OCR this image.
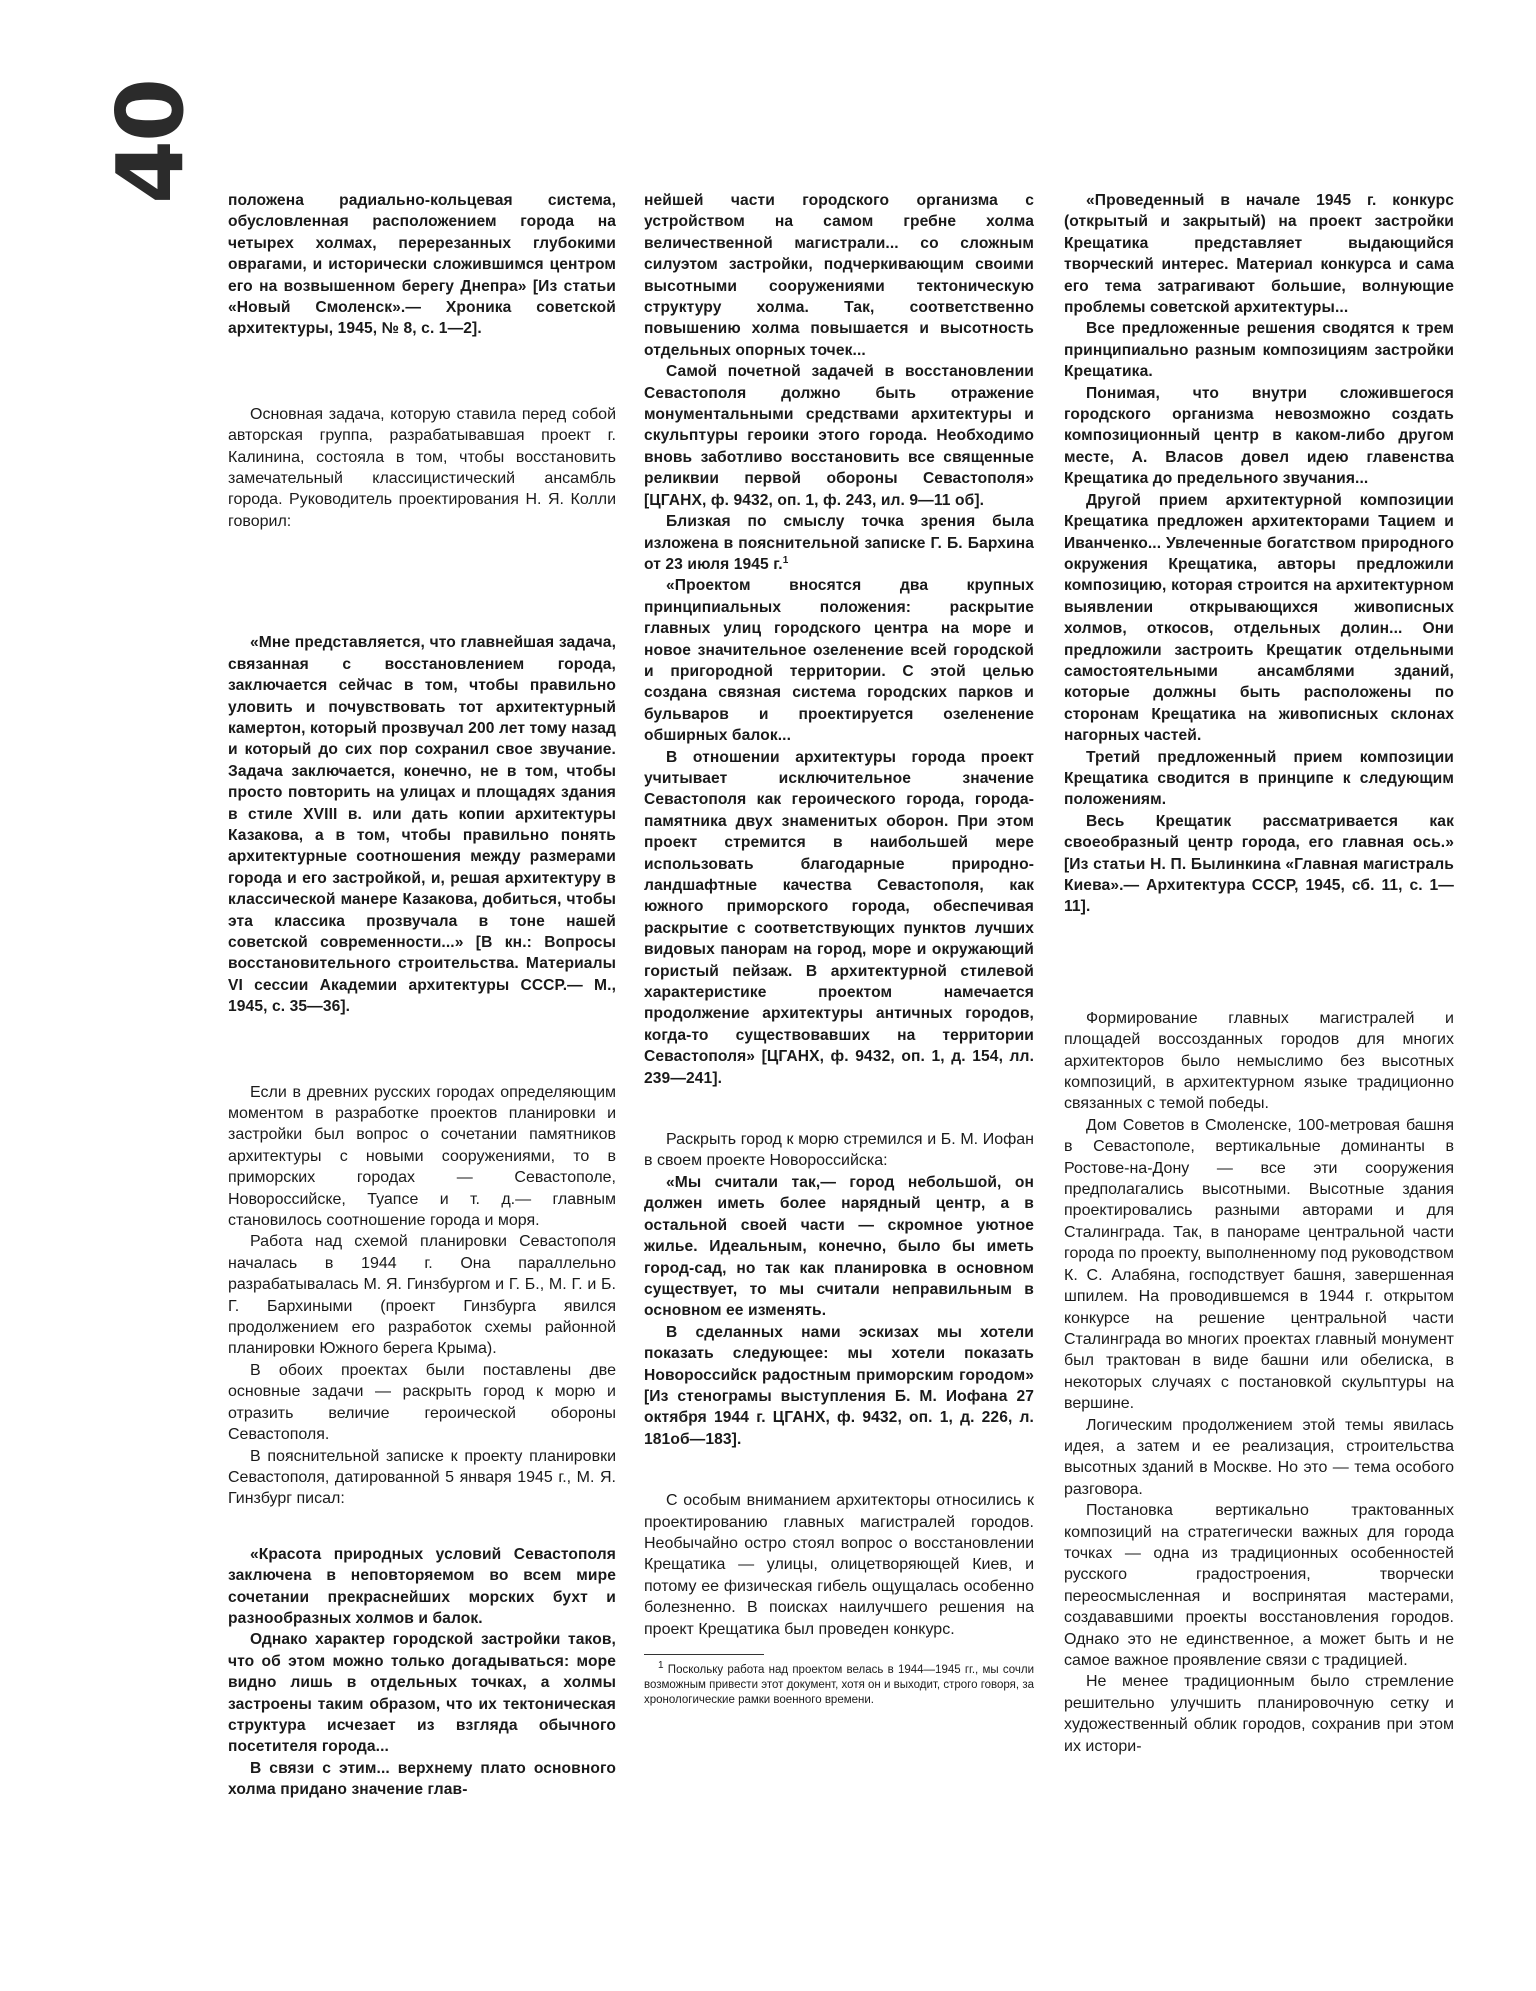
40 положена радиально-кольцевая система, обусловленная расположением города на четырех холмах, перерезанных глубокими оврагами, и исторически сложившимся центром его на возвышенном берегу Днепра» [Из статьи «Новый Смоленск».— Хроника советской архитектуры, 1945, № 8, с. 1—2].

Основная задача, которую ставила перед собой авторская группа, разрабатывавшая проект г. Калинина, состояла в том, чтобы восстановить замечательный классицистический ансамбль города. Руководитель проектирования Н. Я. Колли говорил:

«Мне представляется, что главнейшая задача, связанная с восстановлением города, заключается сейчас в том, чтобы правильно уловить и почувствовать тот архитектурный камертон, который прозвучал 200 лет тому назад и который до сих пор сохранил свое звучание. Задача заключается, конечно, не в том, чтобы просто повторить на улицах и площадях здания в стиле XVIII в. или дать копии архитектуры Казакова, а в том, чтобы правильно понять архитектурные соотношения между размерами города и его застройкой, и, решая архитектуру в классической манере Казакова, добиться, чтобы эта классика прозвучала в тоне нашей советской современности...» [В кн.: Вопросы восстановительного строительства. Материалы VI сессии Академии архитектуры СССР.— М., 1945, с. 35—36].

Если в древних русских городах определяющим моментом в разработке проектов планировки и застройки был вопрос о сочетании памятников архитектуры с новыми сооружениями, то в приморских городах — Севастополе, Новороссийске, Туапсе и т. д.— главным становилось соотношение города и моря.

Работа над схемой планировки Севастополя началась в 1944 г. Она параллельно разрабатывалась М. Я. Гинзбургом и Г. Б., М. Г. и Б. Г. Бархиными (проект Гинзбурга явился продолжением его разработок схемы районной планировки Южного берега Крыма).

В обоих проектах были поставлены две основные задачи — раскрыть город к морю и отразить величие героической обороны Севастополя.

В пояснительной записке к проекту планировки Севастополя, датированной 5 января 1945 г., М. Я. Гинзбург писал:

«Красота природных условий Севастополя заключена в неповторяемом во всем мире сочетании прекраснейших морских бухт и разнообразных холмов и балок.

Однако характер городской застройки таков, что об этом можно только догадываться: море видно лишь в отдельных точках, а холмы застроены таким образом, что их тектоническая структура исчезает из взгляда обычного посетителя города...

В связи с этим... верхнему плато основного холма придано значение глав-

нейшей части городского организма с устройством на самом гребне холма величественной магистрали... со сложным силуэтом застройки, подчеркивающим своими высотными сооружениями тектоническую структуру холма. Так, соответственно повышению холма повышается и высотность отдельных опорных точек...

Самой почетной задачей в восстановлении Севастополя должно быть отражение монументальными средствами архитектуры и скульптуры героики этого города. Необходимо вновь заботливо восстановить все священные реликвии первой обороны Севастополя» [ЦГАНХ, ф. 9432, оп. 1, ф. 243, ил. 9—11 об].

Близкая по смыслу точка зрения была изложена в пояснительной записке Г. Б. Бархина от 23 июля 1945 г.$^1$

«Проектом вносятся два крупных принципиальных положения: раскрытие главных улиц городского центра на море и новое значительное озеленение всей городской и пригородной территории. С этой целью создана связная система городских парков и бульваров и проектируется озеленение обширных балок...

В отношении архитектуры города проект учитывает исключительное значение Севастополя как героического города, города-памятника двух знаменитых оборон. При этом проект стремится в наибольшей мере использовать благодарные природно-ландшафтные качества Севастополя, как южного приморского города, обеспечивая раскрытие с соответствующих пунктов лучших видовых панорам на город, море и окружающий гористый пейзаж. В архитектурной стилевой характеристике проектом намечается продолжение архитектуры античных городов, когда-то существовавших на территории Севастополя» [ЦГАНХ, ф. 9432, оп. 1, д. 154, лл. 239—241].

Раскрыть город к морю стремился и Б. М. Иофан в своем проекте Новороссийска:

«Мы считали так,— город небольшой, он должен иметь более нарядный центр, а в остальной своей части — скромное уютное жилье. Идеальным, конечно, было бы иметь город-сад, но так как планировка в основном существует, то мы считали неправильным в основном ее изменять.

В сделанных нами эскизах мы хотели показать следующее: мы хотели показать Новороссийск радостным приморским городом» [Из стенограмы выступления Б. М. Иофана 27 октября 1944 г. ЦГАНХ, ф. 9432, оп. 1, д. 226, л. 181об—183].

С особым вниманием архитекторы относились к проектированию главных магистралей городов. Необычайно остро стоял вопрос о восстановлении Крещатика — улицы, олицетворяющей Киев, и потому ее физическая гибель ощущалась особенно болезненно. В поисках наилучшего решения на проект Крещатика был проведен конкурс.

$^1$ Поскольку работа над проектом велась в 1944—1945 гг., мы сочли возможным привести этот документ, хотя он и выходит, строго говоря, за хронологические рамки военного времени.

«Проведенный в начале 1945 г. конкурс (открытый и закрытый) на проект застройки Крещатика представляет выдающийся творческий интерес. Материал конкурса и сама его тема затрагивают большие, волнующие проблемы советской архитектуры...

Все предложенные решения сводятся к трем принципиально разным композициям застройки Крещатика.

Понимая, что внутри сложившегося городского организма невозможно создать композиционный центр в каком-либо другом месте, А. Власов довел идею главенства Крещатика до предельного звучания...

Другой прием архитектурной композиции Крещатика предложен архитекторами Тацием и Иванченко... Увлеченные богатством природного окружения Крещатика, авторы предложили композицию, которая строится на архитектурном выявлении открывающихся живописных холмов, откосов, отдельных долин... Они предложили застроить Крещатик отдельными самостоятельными ансамблями зданий, которые должны быть расположены по сторонам Крещатика на живописных склонах нагорных частей.

Третий предложенный прием композиции Крещатика сводится в принципе к следующим положениям.

Весь Крещатик рассматривается как своеобразный центр города, его главная ось.» [Из статьи Н. П. Былинкина «Главная магистраль Киева».— Архитектура СССР, 1945, сб. 11, с. 1—11].

Формирование главных магистралей и площадей воссозданных городов для многих архитекторов было немыслимо без высотных композиций, в архитектурном языке традиционно связанных с темой победы.

Дом Советов в Смоленске, 100-метровая башня в Севастополе, вертикальные доминанты в Ростове-на-Дону — все эти сооружения предполагались высотными. Высотные здания проектировались разными авторами и для Сталинграда. Так, в панораме центральной части города по проекту, выполненному под руководством К. С. Алабяна, господствует башня, завершенная шпилем. На проводившемся в 1944 г. открытом конкурсе на решение центральной части Сталинграда во многих проектах главный монумент был трактован в виде башни или обелиска, в некоторых случаях с постановкой скульптуры на вершине.

Логическим продолжением этой темы явилась идея, а затем и ее реализация, строительства высотных зданий в Москве. Но это — тема особого разговора.

Постановка вертикально трактованных композиций на стратегически важных для города точках — одна из традиционных особенностей русского градостроения, творчески переосмысленная и воспринятая мастерами, создававшими проекты восстановления городов. Однако это не единственное, а может быть и не самое важное проявление связи с традицией.

Не менее традиционным было стремление решительно улучшить планировочную сетку и художественный облик городов, сохранив при этом их истори-
